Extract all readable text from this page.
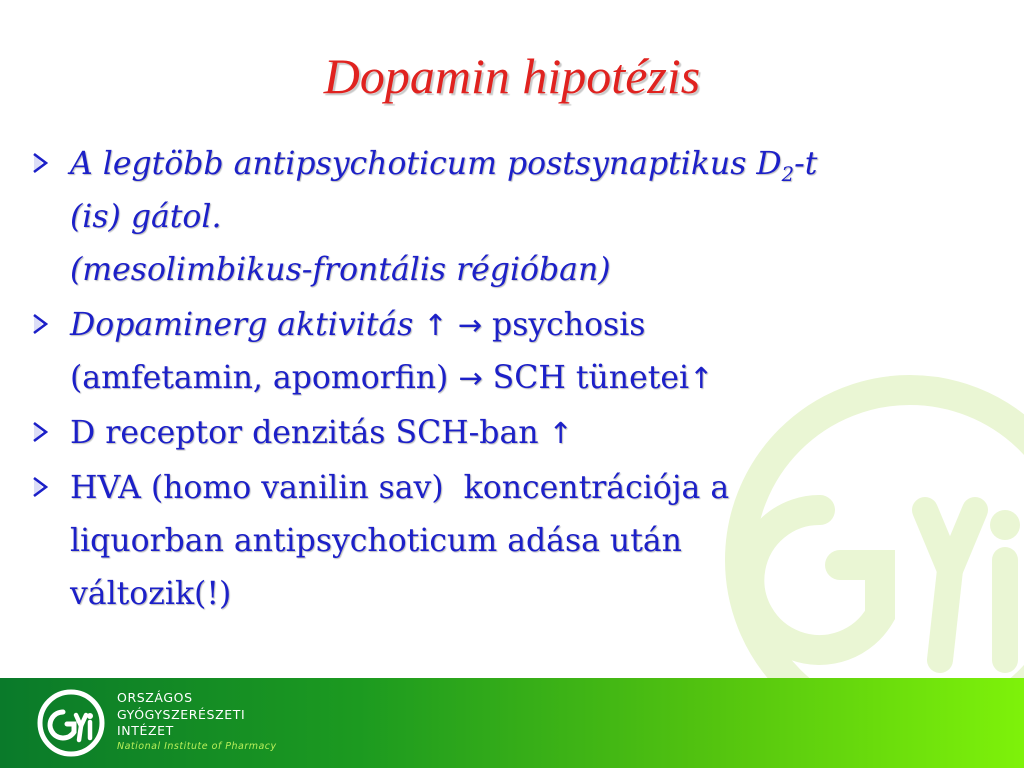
Dopamin hipotézis
A legtöbb antipsychoticum postsynaptikus $D_2-t$
(is) gátol.
(mesolimbikus-frontális régióban)
Dopaminerg aktivitás ↑ → psychosis
(amfetamin, apomorfin) → SCH tünetei↑
D receptor denzitás SCH-ban ↑
HVA (homo vanilin sav)  koncentrációja a
liquorban antipsychoticum adása után
változik(!)
ORSZÁGOS
GYÓGYSZERÉSZETI
INTÉZET
National Institute of Pharmacy
